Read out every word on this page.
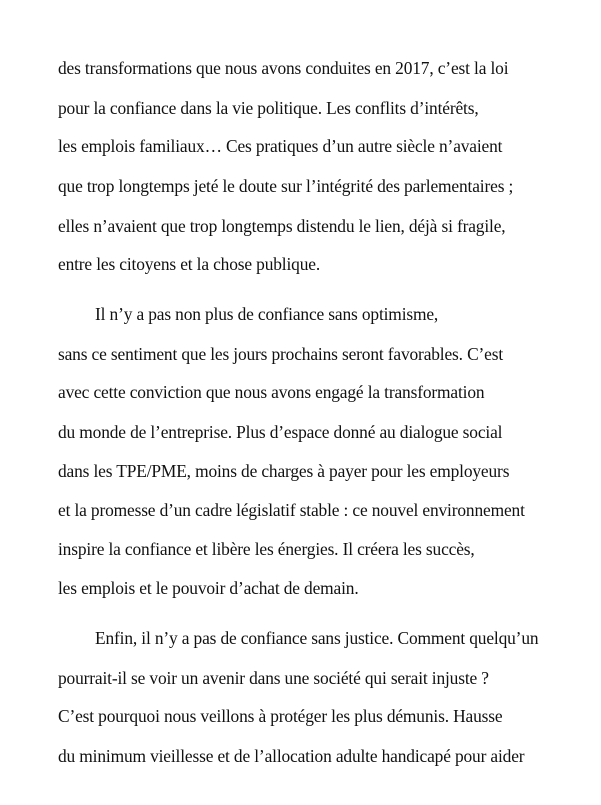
des transformations que nous avons conduites en 2017, c’est la loi
pour la confiance dans la vie politique. Les conflits d’intérêts,
les emplois familiaux… Ces pratiques d’un autre siècle n’avaient
que trop longtemps jeté le doute sur l’intégrité des parlementaires ;
elles n’avaient que trop longtemps distendu le lien, déjà si fragile,
entre les citoyens et la chose publique.
Il n’y a pas non plus de confiance sans optimisme,
sans ce sentiment que les jours prochains seront favorables. C’est
avec cette conviction que nous avons engagé la transformation
du monde de l’entreprise. Plus d’espace donné au dialogue social
dans les TPE/PME, moins de charges à payer pour les employeurs
et la promesse d’un cadre législatif stable : ce nouvel environnement
inspire la confiance et libère les énergies. Il créera les succès,
les emplois et le pouvoir d’achat de demain.
Enfin, il n’y a pas de confiance sans justice. Comment quelqu’un
pourrait-il se voir un avenir dans une société qui serait injuste ?
C’est pourquoi nous veillons à protéger les plus démunis. Hausse
du minimum vieillesse et de l’allocation adulte handicapé pour aider
